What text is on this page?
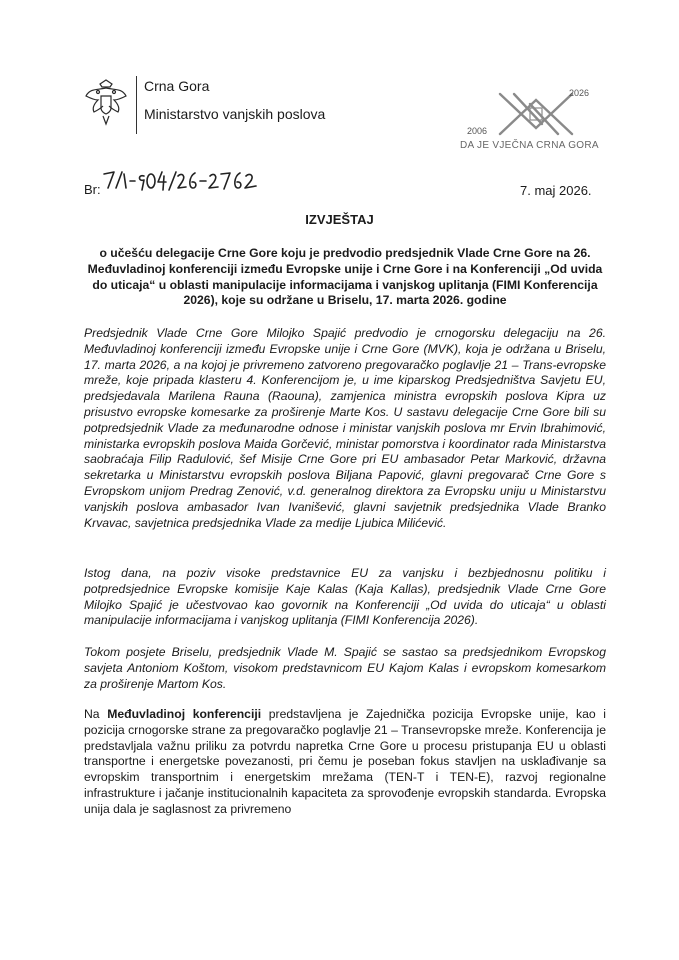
Crna Gora
Ministarstvo vanjskih poslova
2026
2006
DA JE VJEČNA CRNA GORA
Br:	7. maj 2026.
IZVJEŠTAJ
o učešću delegacije Crne Gore koju je predvodio predsjednik Vlade Crne Gore na 26. Međuvladinoj konferenciji između Evropske unije i Crne Gore i na Konferenciji „Od uvida do uticaja“ u oblasti manipulacije informacijama i vanjskog uplitanja (FIMI Konferencija 2026), koje su održane u Briselu, 17. marta 2026. godine
Predsjednik Vlade Crne Gore Milojko Spajić predvodio je crnogorsku delegaciju na 26. Međuvladinoj konferenciji između Evropske unije i Crne Gore (MVK), koja je održana u Briselu, 17. marta 2026, a na kojoj je privremeno zatvoreno pregovaračko poglavlje 21 – Trans-evropske mreže, koje pripada klasteru 4. Konferencijom je, u ime kiparskog Predsjedništva Savjetu EU, predsjedavala Marilena Rauna (Raouna), zamjenica ministra evropskih poslova Kipra uz prisustvo evropske komesarke za proširenje Marte Kos. U sastavu delegacije Crne Gore bili su potpredsjednik Vlade za međunarodne odnose i ministar vanjskih poslova mr Ervin Ibrahimović, ministarka evropskih poslova Maida Gorčević, ministar pomorstva i koordinator rada Ministarstva saobraćaja Filip Radulović, šef Misije Crne Gore pri EU ambasador Petar Marković, državna sekretarka u Ministarstvu evropskih poslova Biljana Papović, glavni pregovarač Crne Gore s Evropskom unijom Predrag Zenović, v.d. generalnog direktora za Evropsku uniju u Ministarstvu vanjskih poslova ambasador Ivan Ivanišević, glavni savjetnik predsjednika Vlade Branko Krvavac, savjetnica predsjednika Vlade za medije Ljubica Milićević.
Istog dana, na poziv visoke predstavnice EU za vanjsku i bezbjednosnu politiku i potpredsjednice Evropske komisije Kaje Kalas (Kaja Kallas), predsjednik Vlade Crne Gore Milojko Spajić je učestvovao kao govornik na Konferenciji „Od uvida do uticaja“ u oblasti manipulacije informacijama i vanjskog uplitanja (FIMI Konferencija 2026).
Tokom posjete Briselu, predsjednik Vlade M. Spajić se sastao sa predsjednikom Evropskog savjeta Antoniom Koštom, visokom predstavnicom EU Kajom Kalas i evropskom komesarkom za proširenje Martom Kos.
Na Međuvladinoj konferenciji predstavljena je Zajednička pozicija Evropske unije, kao i pozicija crnogorske strane za pregovaračko poglavlje 21 – Transevropske mreže. Konferencija je predstavljala važnu priliku za potvrdu napretka Crne Gore u procesu pristupanja EU u oblasti transportne i energetske povezanosti, pri čemu je poseban fokus stavljen na usklađivanje sa evropskim transportnim i energetskim mrežama (TEN-T i TEN-E), razvoj regionalne infrastrukture i jačanje institucionalnih kapaciteta za sprovođenje evropskih standarda. Evropska unija dala je saglasnost za privremeno
